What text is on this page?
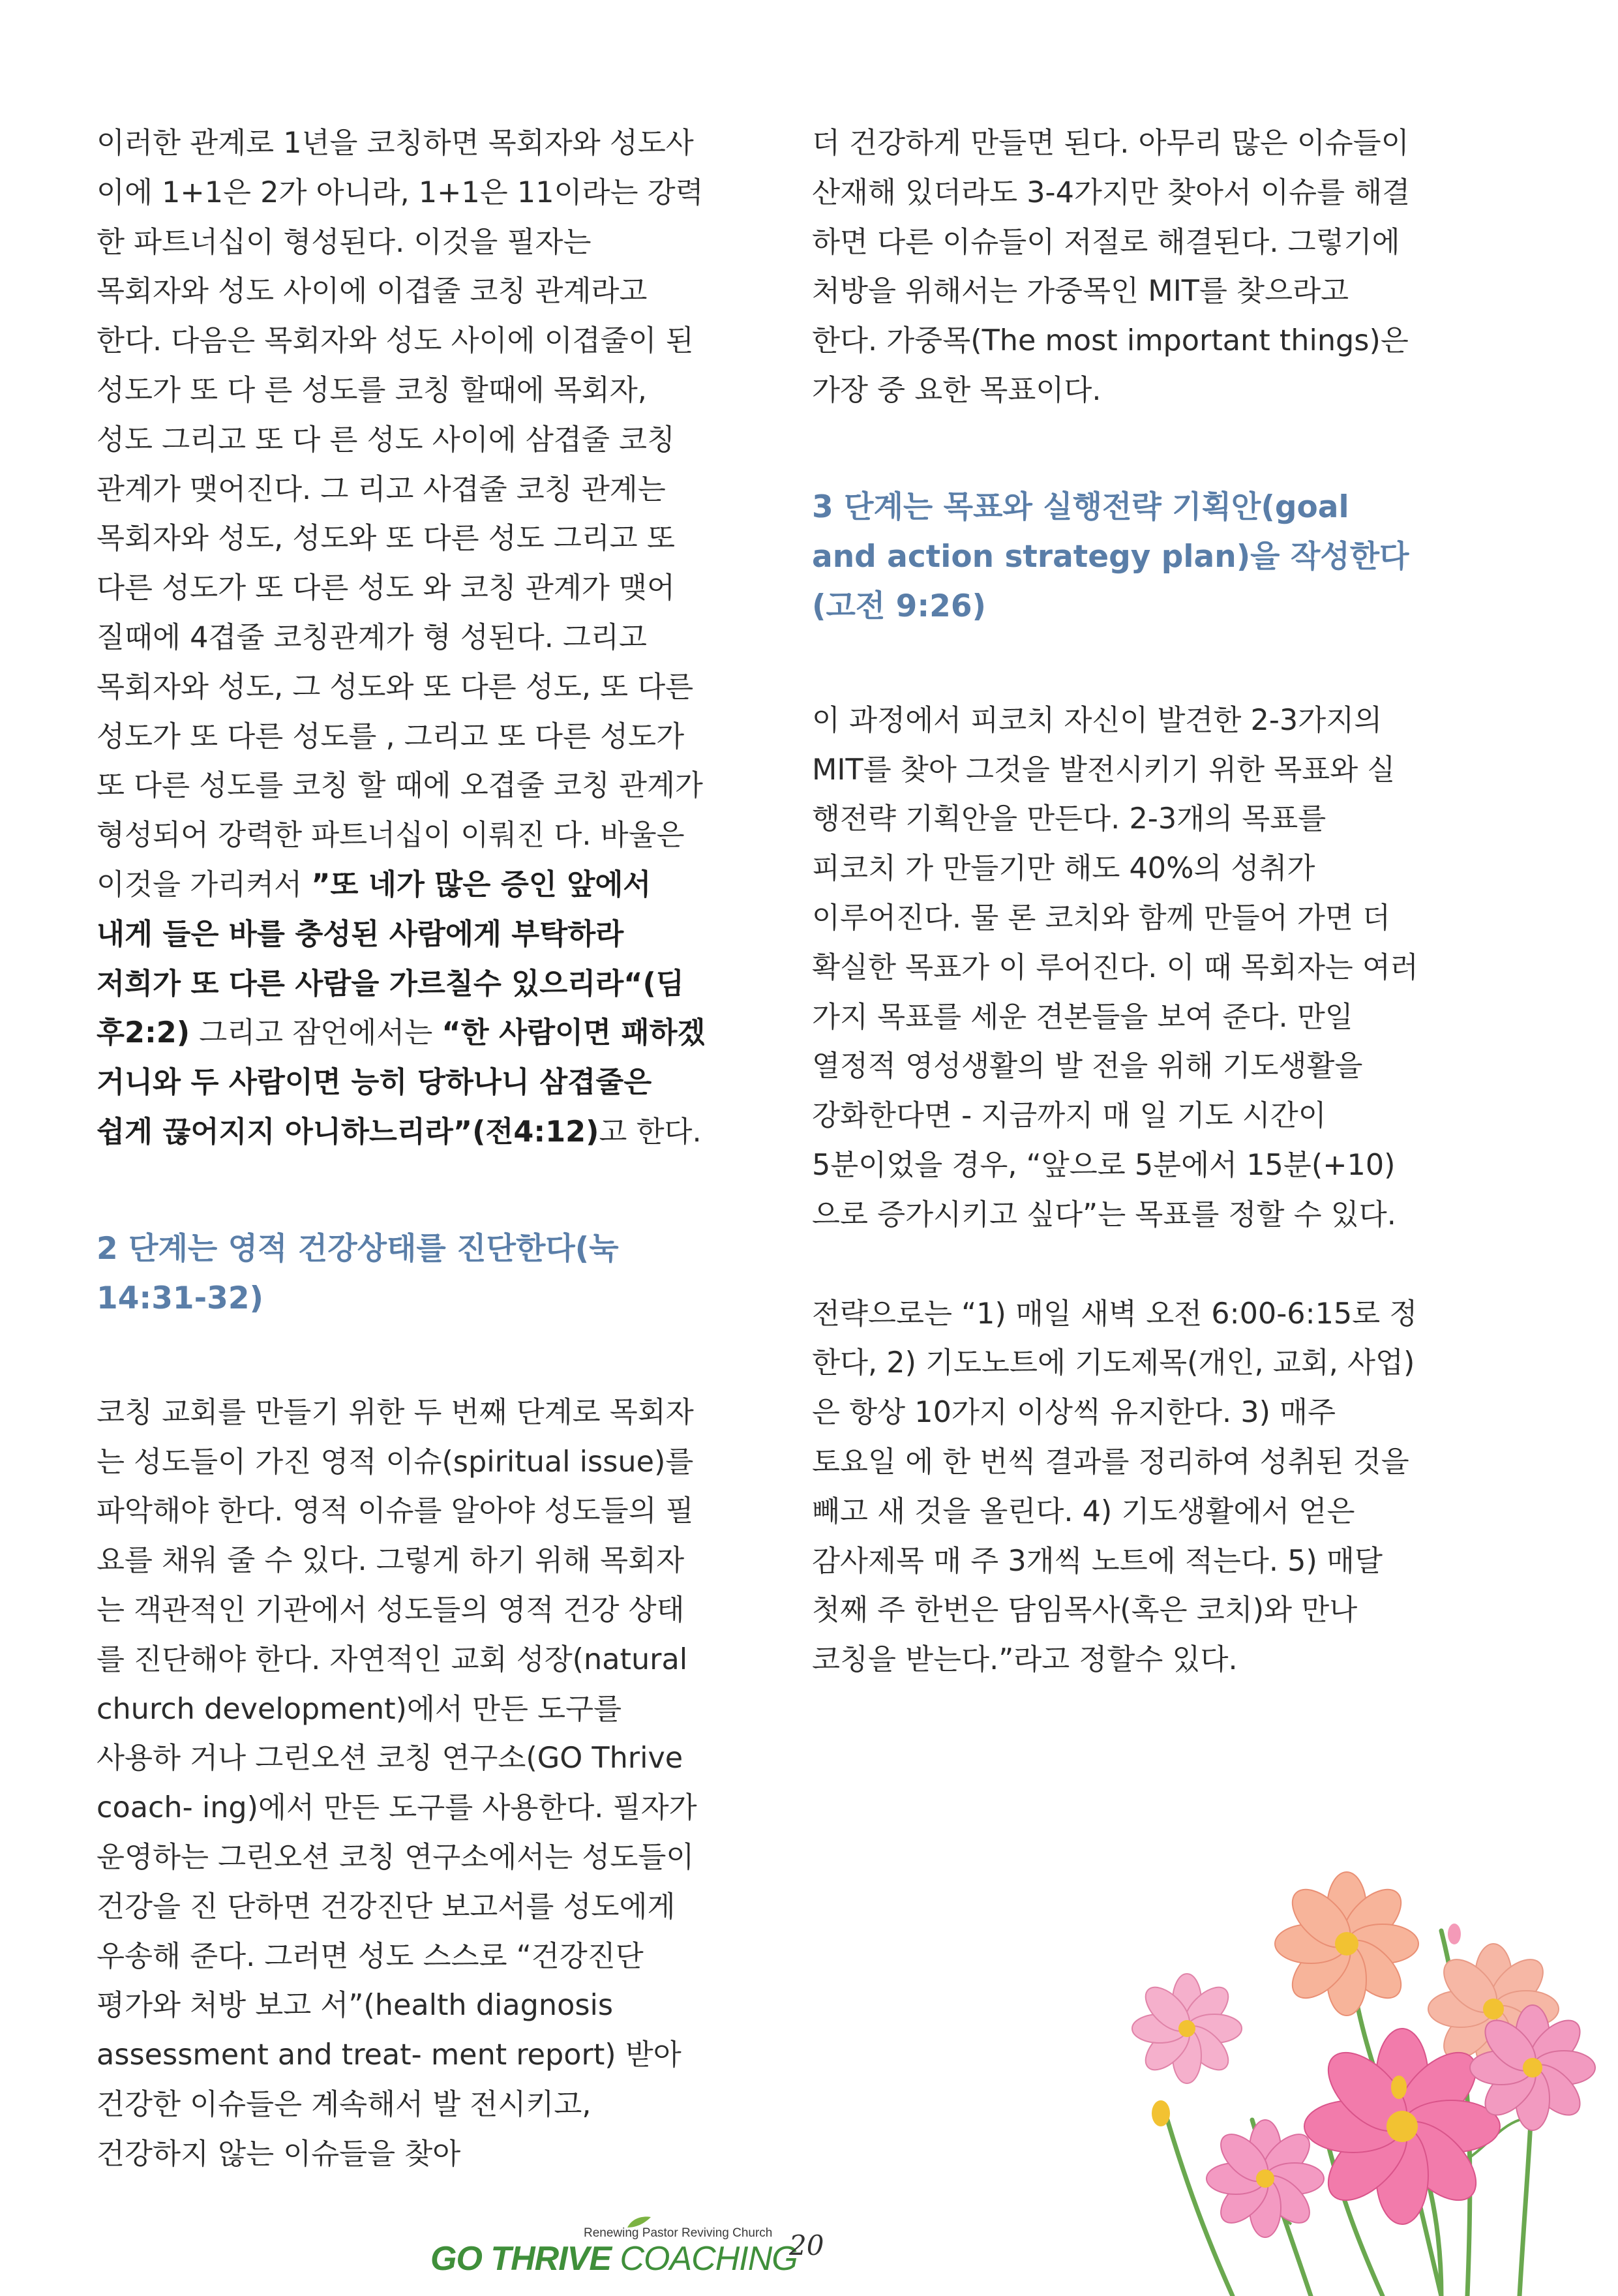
이러한 관계로 1년을 코칭하면 목회자와 성도사 이에 1+1은 2가 아니라, 1+1은 11이라는 강력 한 파트너십이 형성된다. 이것을 필자는 목회자와 성도 사이에 이겹줄 코칭 관계라고 한다. 다음은 목회자와 성도 사이에 이겹줄이 된 성도가 또 다 른 성도를 코칭 할때에 목회자, 성도 그리고 또 다 른 성도 사이에 삼겹줄 코칭 관계가 맺어진다. 그 리고 사겹줄 코칭 관계는 목회자와 성도, 성도와 또 다른 성도 그리고 또 다른 성도가 또 다른 성도 와 코칭 관계가 맺어 질때에 4겹줄 코칭관계가 형 성된다. 그리고 목회자와 성도, 그 성도와 또 다른 성도, 또 다른 성도가 또 다른 성도를 , 그리고 또 다른 성도가 또 다른 성도를 코칭 할 때에 오겹줄 코칭 관계가 형성되어 강력한 파트너십이 이뤄진 다. 바울은 이것을 가리켜서 ”또 네가 많은 증인 앞에서 내게 들은 바를 충성된 사람에게 부탁하라 저희가 또 다른 사람을 가르칠수 있으리라“(딤 후2:2) 그리고 잠언에서는 “한 사람이면 패하겠 거니와 두 사람이면 능히 당하나니 삼겹줄은 쉽게 끊어지지 아니하느리라”(전4:12)고 한다.

2 단계는 영적 건강상태를 진단한다(눅 14:31-32)

코칭 교회를 만들기 위한 두 번째 단계로 목회자 는 성도들이 가진 영적 이슈(spiritual issue)를 파악해야 한다. 영적 이슈를 알아야 성도들의 필 요를 채워 줄 수 있다. 그렇게 하기 위해 목회자 는 객관적인 기관에서 성도들의 영적 건강 상태 를 진단해야 한다. 자연적인 교회 성장(natural church development)에서 만든 도구를 사용하 거나 그린오션 코칭 연구소(GO Thrive coach- ing)에서 만든 도구를 사용한다. 필자가 운영하는 그린오션 코칭 연구소에서는 성도들이 건강을 진 단하면 건강진단 보고서를 성도에게 우송해 준다. 그러면 성도 스스로 “건강진단 평가와 처방 보고 서”(health diagnosis assessment and treat- ment report) 받아 건강한 이슈들은 계속해서 발 전시키고, 건강하지 않는 이슈들을 찾아

더 건강하게 만들면 된다. 아무리 많은 이슈들이 산재해 있더라도 3-4가지만 찾아서 이슈를 해결 하면 다른 이슈들이 저절로 해결된다. 그렇기에 처방을 위해서는 가중목인 MIT를 찾으라고 한다. 가중목(The most important things)은 가장 중 요한 목표이다.

3 단계는 목표와 실행전략 기획안(goal and action strategy plan)을 작성한다(고전 9:26)

이 과정에서 피코치 자신이 발견한 2-3가지의 MIT를 찾아 그것을 발전시키기 위한 목표와 실 행전략 기획안을 만든다. 2-3개의 목표를 피코치 가 만들기만 해도 40%의 성취가 이루어진다. 물 론 코치와 함께 만들어 가면 더 확실한 목표가 이 루어진다. 이 때 목회자는 여러 가지 목표를 세운 견본들을 보여 준다. 만일 열정적 영성생활의 발 전을 위해 기도생활을 강화한다면 - 지금까지 매 일 기도 시간이 5분이었을 경우, “앞으로 5분에서 15분(+10)으로 증가시키고 싶다”는 목표를 정할 수 있다.

전략으로는 “1) 매일 새벽 오전 6:00-6:15로 정 한다, 2) 기도노트에 기도제목(개인, 교회, 사업) 은 항상 10가지 이상씩 유지한다. 3) 매주 토요일 에 한 번씩 결과를 정리하여 성취된 것을 빼고 새 것을 올린다. 4) 기도생활에서 얻은 감사제목 매 주 3개씩 노트에 적는다. 5) 매달 첫째 주 한번은 담임목사(혹은 코치)와 만나 코칭을 받는다.”라고 정할수 있다.

Renewing Pastor Reviving Church
GO THRIVE COACHING
20
